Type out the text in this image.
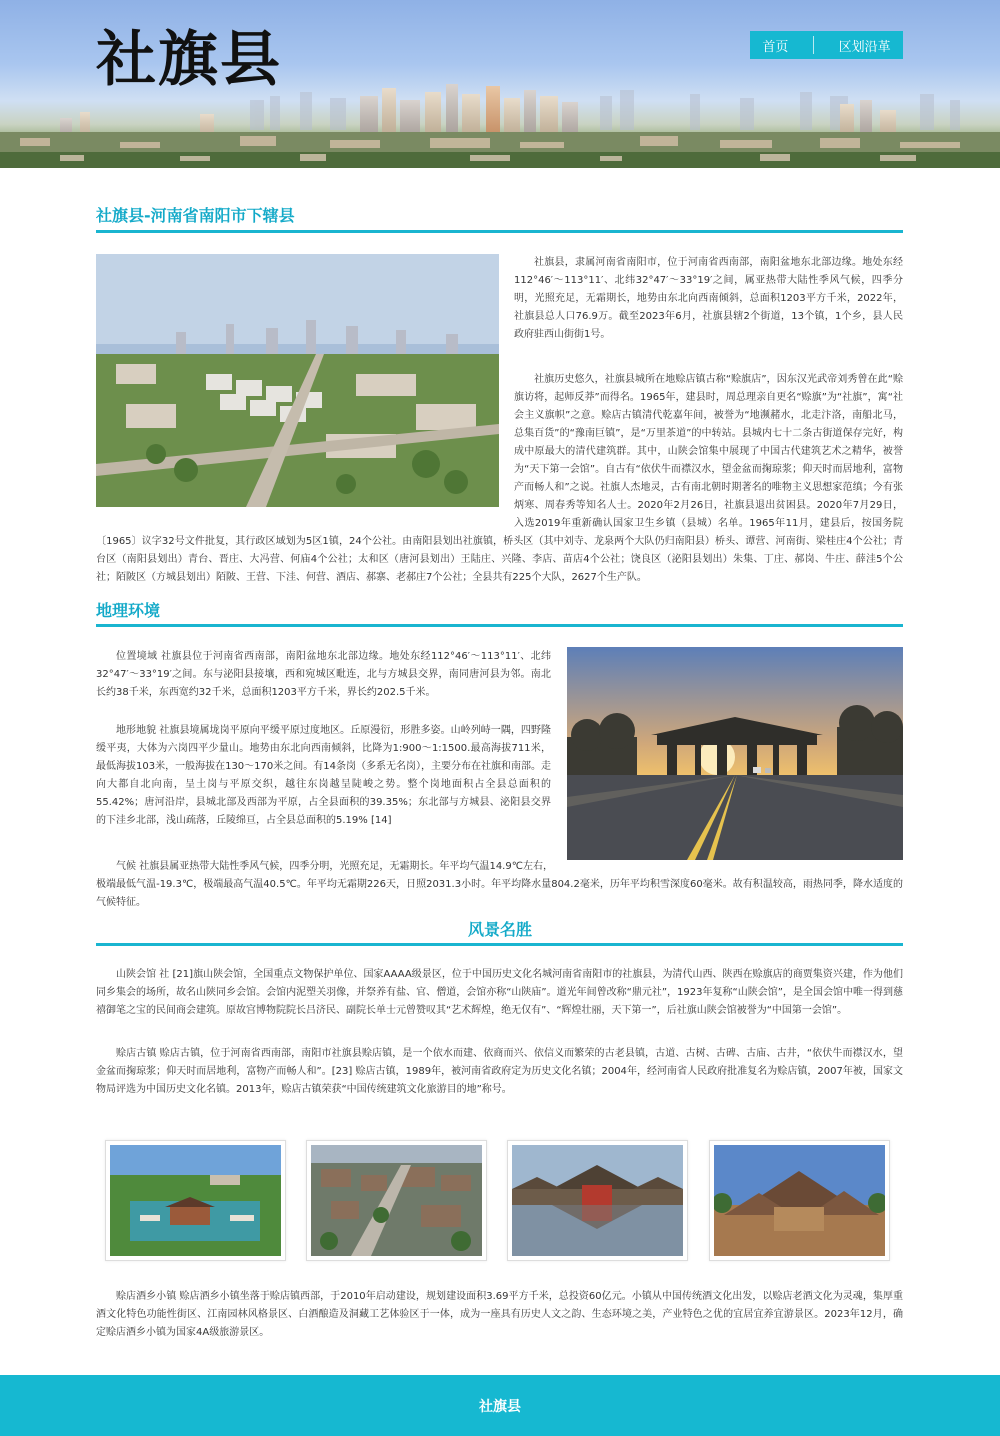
社旗县	首页	区划沿革
社旗县-河南省南阳市下辖县

社旗县，隶属河南省南阳市，位于河南省西南部，南阳盆地东北部边缘。地处东经112°46′～113°11′、北纬32°47′～33°19′之间，属亚热带大陆性季风气候，四季分明，光照充足，无霜期长，地势由东北向西南倾斜，总面积1203平方千米，2022年，社旗县总人口76.9万。截至2023年6月，社旗县辖2个街道，13个镇，1个乡，县人民政府驻西山街街1号。

社旗历史悠久，社旗县城所在地赊店镇古称“赊旗店”，因东汉光武帝刘秀曾在此“赊旗访将，起师反莽”而得名。1965年，建县时，周总理亲自更名“赊旗”为“社旗”，寓“社会主义旗帜”之意。赊店古镇清代乾嘉年间，被誉为“地濒赭水，北走汴洛，南船北马，总集百货”的“豫南巨镇”，是“万里茶道”的中转站。县城内七十二条古街道保存完好，构成中原最大的清代建筑群。其中，山陕会馆集中展现了中国古代建筑艺术之精华，被誉为“天下第一会馆”。自古有“依伏牛而襟汉水，望金盆而掬琼浆；仰天时而居地利，富物产而畅人和”之说。社旗人杰地灵，古有南北朝时期著名的唯物主义思想家范缜；今有张炳寒、周春秀等知名人士。2020年2月26日，社旗县退出贫困县。2020年7月29日，入选2019年重新确认国家卫生乡镇（县城）名单。1965年11月，建县后，按国务院〔1965〕议字32号文件批复，其行政区域划为5区1镇，24个公社。由南阳县划出社旗镇，桥头区（其中刘寺、龙泉两个大队仍归南阳县）桥头、谭营、河南街、梁桂庄4个公社；青台区（南阳县划出）青台、晋庄、大冯营、何庙4个公社；太和区（唐河县划出）王陆庄、兴隆、李店、苗店4个公社；饶良区（泌阳县划出）朱集、丁庄、郝岗、牛庄、薛洼5个公社；陌陂区（方城县划出）陌陂、王营、下洼、何营、酒店、郝寨、老郝庄7个公社；全县共有225个大队，2627个生产队。

地理环境

位置境域 社旗县位于河南省西南部，南阳盆地东北部边缘。地处东经112°46′～113°11′、北纬32°47′～33°19′之间。东与泌阳县接壤，西和宛城区毗连，北与方城县交界，南同唐河县为邻。南北长约38千米，东西宽约32千米，总面积1203平方千米，界长约202.5千米。

地形地貌 社旗县境属垅岗平原向平缓平原过度地区。丘原漫衍，形胜多姿。山岭列峙一隅，四野隆缓平夷，大体为六岗四平少量山。地势由东北向西南倾斜，比降为1:900～1:1500.最高海拔711米，最低海拔103米，一般海拔在130～170米之间。有14条岗（多系无名岗），主要分布在社旗和南部。走向大都自北向南，呈土岗与平原交织，越往东岗越呈陡峻之势。整个岗地面积占全县总面积的55.42%；唐河沿岸，县城北部及西部为平原，占全县面积的39.35%；东北部与方城县、泌阳县交界的下洼乡北部，浅山疏落，丘陵绵亘，占全县总面积的5.19% [14]

气候 社旗县属亚热带大陆性季风气候，四季分明，光照充足，无霜期长。年平均气温14.9℃左右，极端最低气温-19.3℃，极端最高气温40.5℃。年平均无霜期226天，日照2031.3小时。年平均降水量804.2毫米，历年平均积雪深度60毫米。故有积温较高，雨热同季，降水适度的气候特征。

风景名胜

山陕会馆 社 [21]旗山陕会馆，全国重点文物保护单位、国家AAAA级景区，位于中国历史文化名城河南省南阳市的社旗县，为清代山西、陕西在赊旗店的商贾集资兴建，作为他们同乡集会的场所，故名山陕同乡会馆。会馆内泥塑关羽像，并祭养有盐、官、僧道，会馆亦称“山陕庙”。道光年间曾改称“鼎元社”，1923年复称“山陕会馆”，是全国会馆中唯一得到慈禧御笔之宝的民间商会建筑。原故宫博物院院长吕济民、副院长单士元曾赞叹其“艺术辉煌，绝无仅有”、“辉煌壮丽，天下第一”，后社旗山陕会馆被誉为“中国第一会馆”。

赊店古镇 赊店古镇，位于河南省西南部，南阳市社旗县赊店镇，是一个依水而建、依商而兴、依信义而繁荣的古老县镇，古道、古树、古碑、古庙、古井，“依伏牛而襟汉水，望金盆而掬琼浆；仰天时而居地利，富物产而畅人和”。[23] 赊店古镇，1989年，被河南省政府定为历史文化名镇；2004年，经河南省人民政府批准复名为赊店镇，2007年被，国家文物局评选为中国历史文化名镇。2013年，赊店古镇荣获“中国传统建筑文化旅游目的地”称号。

赊店酒乡小镇 赊店酒乡小镇坐落于赊店镇西部，于2010年启动建设，规划建设面积3.69平方千米，总投资60亿元。小镇从中国传统酒文化出发，以赊店老酒文化为灵魂，集厚重酒文化特色功能性街区、江南园林风格景区、白酒酿造及洞藏工艺体验区于一体，成为一座具有历史人文之韵、生态环境之美，产业特色之优的宜居宜养宜游景区。2023年12月，确定赊店酒乡小镇为国家4A级旅游景区。

社旗县
